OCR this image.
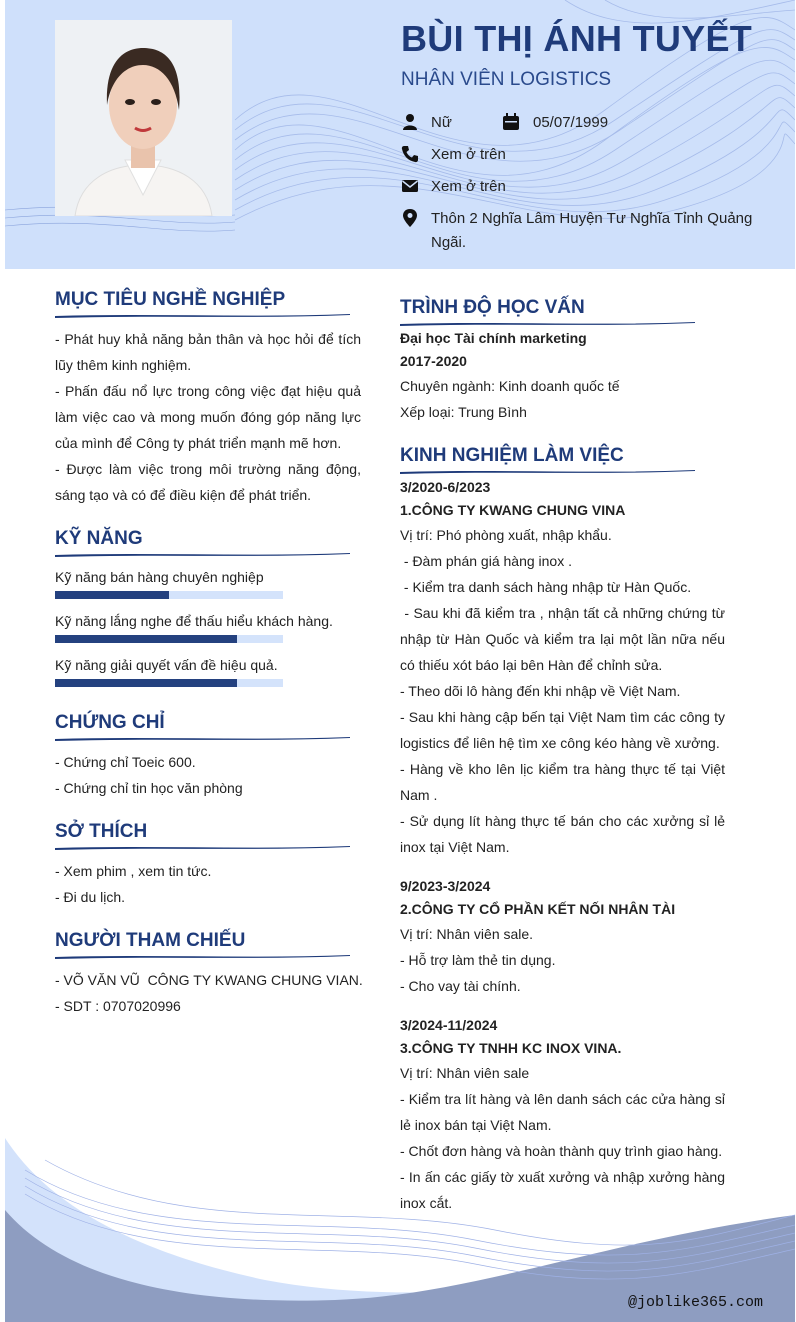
BÙI THỊ ÁNH TUYẾT
NHÂN VIÊN LOGISTICS
Nữ	05/07/1999
Xem ở trên
Xem ở trên
Thôn 2 Nghĩa Lâm Huyện Tư Nghĩa Tỉnh Quảng Ngãi.
MỤC TIÊU NGHỀ NGHIỆP

- Phát huy khả năng bản thân và học hỏi để tích lũy thêm kinh nghiệm.

- Phấn đấu nổ lực trong công việc đạt hiệu quả làm việc cao và mong muốn đóng góp năng lực của mình để Công ty phát triển mạnh mẽ hơn.

- Được làm việc trong môi trường năng động, sáng tạo và có để điều kiện để phát triển.

KỸ NĂNG
Kỹ năng bán hàng chuyên nghiệp
Kỹ năng lắng nghe để thấu hiểu khách hàng.
Kỹ năng giải quyết vấn đề hiệu quả.
CHỨNG CHỈ

- Chứng chỉ Toeic 600.

- Chứng chỉ tin học văn phòng

SỞ THÍCH

- Xem phim , xem tin tức.

- Đi du lịch.

NGƯỜI THAM CHIẾU

- VÕ VĂN VŨ  CÔNG TY KWANG CHUNG VIAN.

- SDT : 0707020996

TRÌNH ĐỘ HỌC VẤN

Đại học Tài chính marketing

2017-2020

Chuyên ngành: Kinh doanh quốc tế

Xếp loại: Trung Bình

KINH NGHIỆM LÀM VIỆC

3/2020-6/2023

1.CÔNG TY KWANG CHUNG VINA

Vị trí: Phó phòng xuất, nhập khẩu.

- Đàm phán giá hàng inox .

- Kiểm tra danh sách hàng nhập từ Hàn Quốc.

- Sau khi đã kiểm tra , nhận tất cả những chứng từ nhập từ Hàn Quốc và kiểm tra lại một lần nữa nếu có thiếu xót báo lại bên Hàn để chỉnh sửa.

- Theo dõi lô hàng đến khi nhập về Việt Nam.

- Sau khi hàng cập bến tại Việt Nam tìm các công ty logistics để liên hệ tìm xe công kéo hàng về xưởng.

- Hàng về kho lên lịc kiểm tra hàng thực tế tại Việt Nam .

- Sử dụng lít hàng thực tế bán cho các xưởng sỉ lẻ inox tại Việt Nam.

9/2023-3/2024

2.CÔNG TY CỔ PHẦN KẾT NỐI NHÂN TÀI

Vị trí: Nhân viên sale.

- Hỗ trợ làm thẻ tin dụng.

- Cho vay tài chính.

3/2024-11/2024

3.CÔNG TY TNHH KC INOX VINA.

Vị trí: Nhân viên sale

- Kiểm tra lít hàng và lên danh sách các cửa hàng sỉ lẻ inox bán tại Việt Nam.

- Chốt đơn hàng và hoàn thành quy trình giao hàng.

- In ấn các giấy tờ xuất xưởng và nhập xưởng hàng inox cắt.

@joblike365.com
